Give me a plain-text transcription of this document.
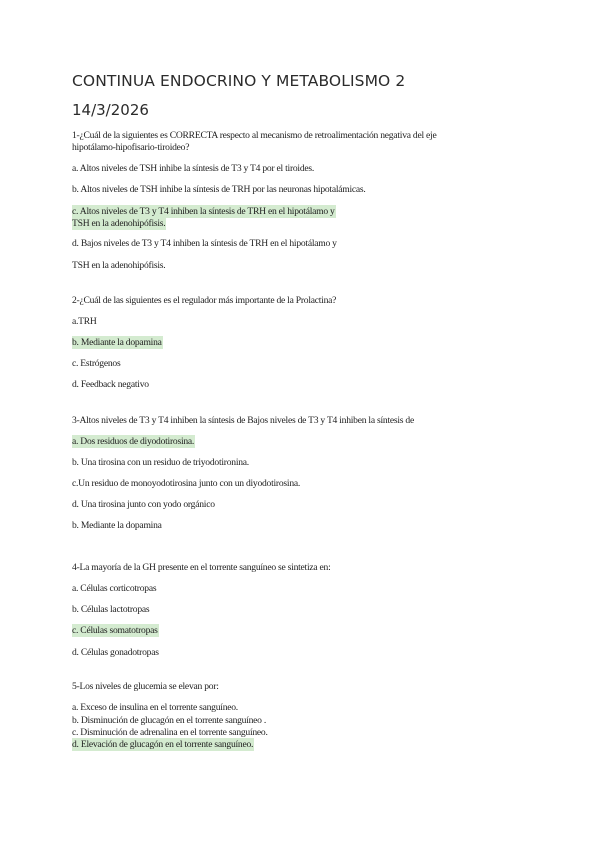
CONTINUA ENDOCRINO Y METABOLISMO 2
14/3/2026
1-¿Cuál de la siguientes es CORRECTA respecto al mecanismo de retroalimentación negativa del eje
hipotálamo-hipofisario-tiroideo?
a. Altos niveles de TSH inhibe la síntesis de T3 y T4 por el tiroides.
b. Altos niveles de TSH inhibe la síntesis de TRH por las neuronas hipotalámicas.
c. Altos niveles de T3 y T4 inhiben la síntesis de TRH en el hipotálamo y
TSH en la adenohipófisis.
d. Bajos niveles de T3 y T4 inhiben la síntesis de TRH en el hipotálamo y
TSH en la adenohipófisis.
2-¿Cuál de las siguientes es el regulador más importante de la Prolactina?
a.TRH
b. Mediante la dopamina
c. Estrógenos
d. Feedback negativo
3-Altos niveles de T3 y T4 inhiben la síntesis de Bajos niveles de T3 y T4 inhiben la síntesis de
a. Dos residuos de diyodotirosina.
b. Una tirosina con un residuo de triyodotironina.
c.Un residuo de monoyodotirosina junto con un diyodotirosina.
d. Una tirosina junto con yodo orgánico
b. Mediante la dopamina
4-La mayoría de la GH presente en el torrente sanguíneo se sintetiza en:
a. Células corticotropas
b. Células lactotropas
c. Células somatotropas
d. Células gonadotropas
5-Los niveles de glucemia se elevan por:
a. Exceso de insulina en el torrente sanguíneo.
b. Disminución de glucagón en el torrente sanguíneo .
c. Disminución de adrenalina en el torrente sanguíneo.
d. Elevación de glucagón en el torrente sanguíneo.
